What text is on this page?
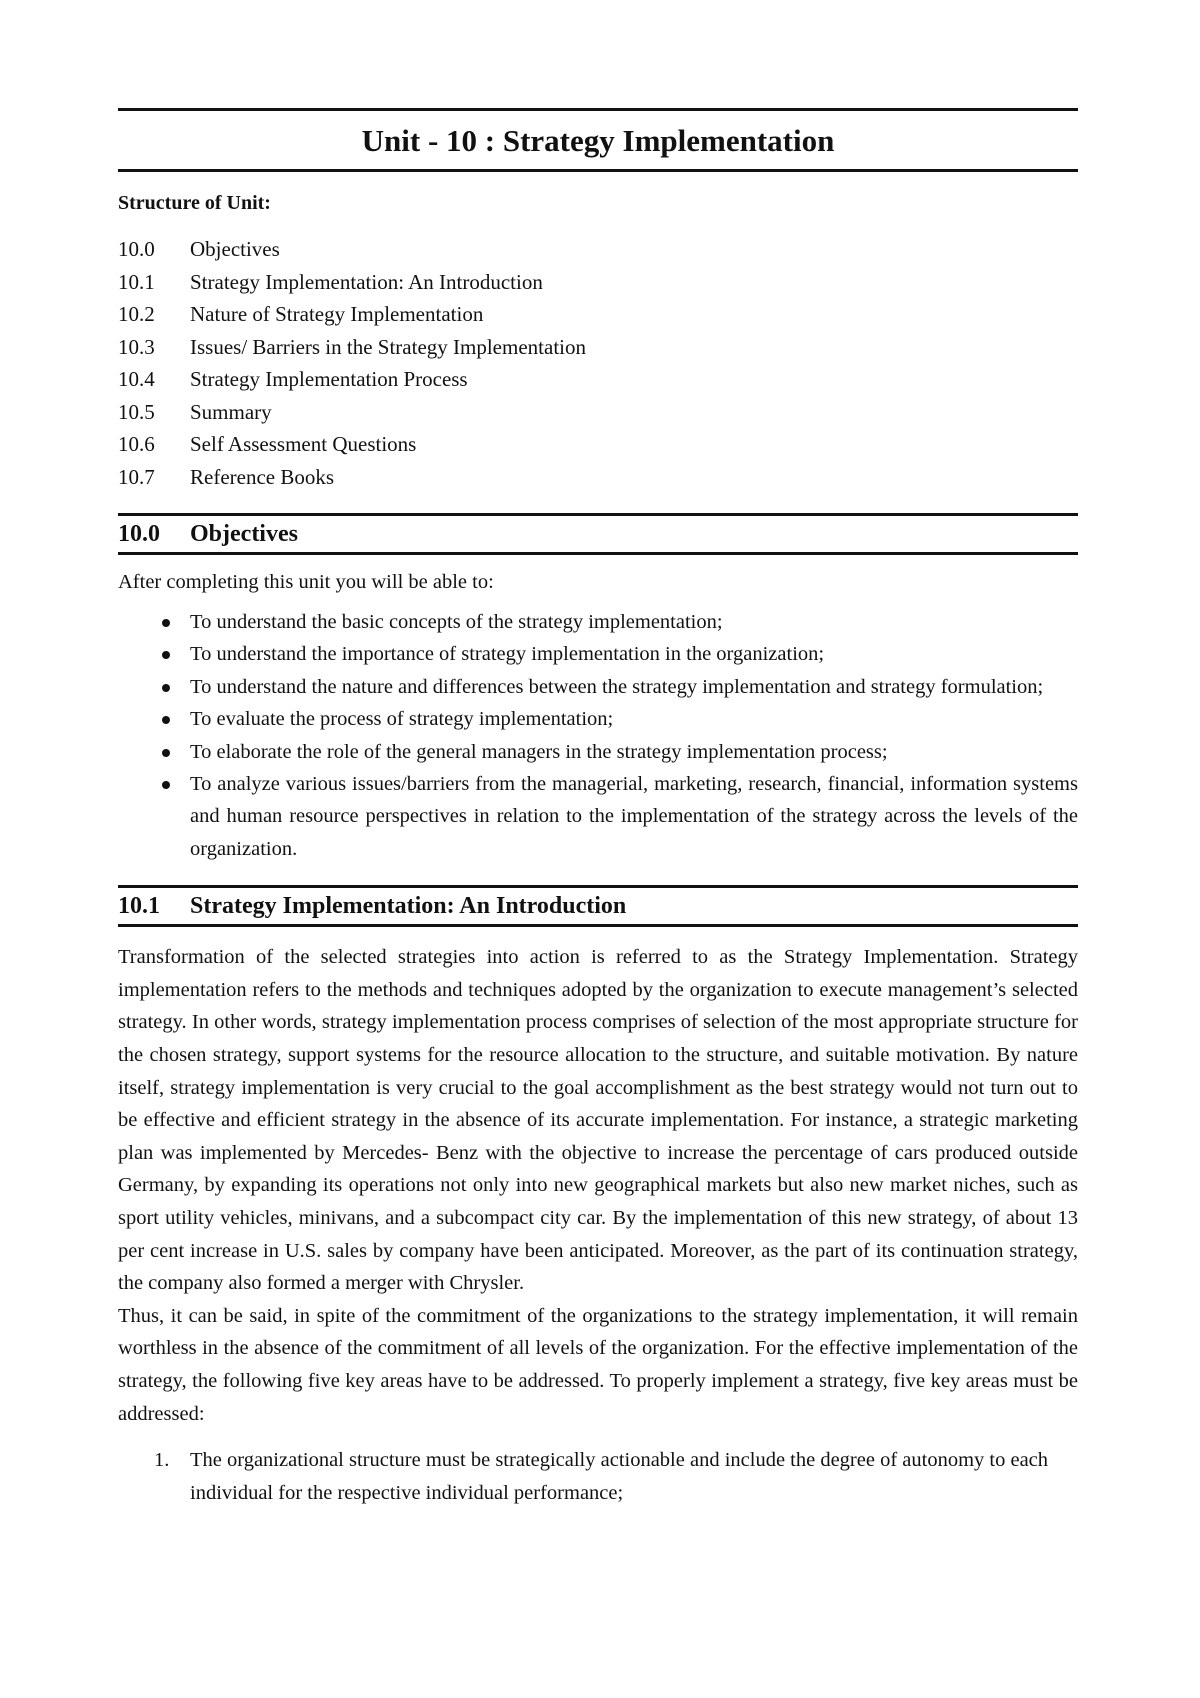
Unit - 10 : Strategy Implementation
Structure of Unit:
10.0	Objectives
10.1	Strategy Implementation: An Introduction
10.2	Nature of Strategy Implementation
10.3	Issues/ Barriers in the Strategy Implementation
10.4	Strategy Implementation Process
10.5	Summary
10.6	Self Assessment Questions
10.7	Reference Books
10.0	Objectives

After completing this unit you will be able to:

To understand the basic concepts of the strategy implementation;
To understand the importance of strategy implementation in the organization;
To understand the nature and differences between the strategy implementation and strategy formulation;
To evaluate the process of strategy implementation;
To elaborate the role of the general managers in the strategy implementation process;
To analyze various issues/barriers from the managerial, marketing, research, financial, information systems and human resource perspectives in relation to the implementation of the strategy across the levels of the organization.
10.1	Strategy Implementation: An Introduction

Transformation of the selected strategies into action is referred to as the Strategy Implementation. Strategy implementation refers to the methods and techniques adopted by the organization to execute management’s selected strategy. In other words, strategy implementation process comprises of selection of the most appropriate structure for the chosen strategy, support systems for the resource allocation to the structure, and suitable motivation. By nature itself, strategy implementation is very crucial to the goal accomplishment as the best strategy would not turn out to be effective and efficient strategy in the absence of its accurate implementation. For instance, a strategic marketing plan was implemented by Mercedes- Benz with the objective to increase the percentage of cars produced outside Germany, by expanding its operations not only into new geographical markets but also new market niches, such as sport utility vehicles, minivans, and a subcompact city car. By the implementation of this new strategy, of about 13 per cent increase in U.S. sales by company have been anticipated. Moreover, as the part of its continuation strategy, the company also formed a merger with Chrysler.

Thus, it can be said, in spite of the commitment of the organizations to the strategy implementation, it will remain worthless in the absence of the commitment of all levels of the organization. For the effective implementation of the strategy, the following five key areas have to be addressed. To properly implement a strategy, five key areas must be addressed:

1. The organizational structure must be strategically actionable and include the degree of autonomy to each individual for the respective individual performance;
